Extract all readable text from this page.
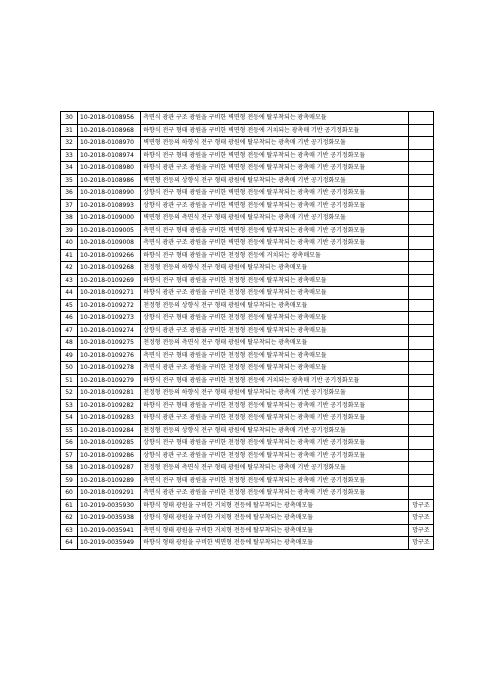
30	10-2018-0108956	측면식 광관 구조 광원을 구비한 벽면형 전등에 탈부착되는 광촉매모듈	
31	10-2018-0108968	하향식 전구 형태 광원을 구비한 벽면형 전등에 거치되는 광촉매 기반 공기정화모듈	
32	10-2018-0108970	벽면형 전등의 하향식 전구 형태 광원에 탈부착되는 광촉매 기반 공기정화모듈	
33	10-2018-0108974	하향식 전구 형태 광원을 구비한 벽면형 전등에 탈부착되는 광촉매 기반 공기정화모듈	
34	10-2018-0108980	하향식 광관 구조 광원을 구비한 벽면형 전등에 탈부착되는 광촉매 기반 공기정화모듈	
35	10-2018-0108986	벽면형 전등의 상향식 전구 형태 광원에 탈부착되는 광촉매 기반 공기정화모듈	
36	10-2018-0108990	상향식 전구 형태 광원을 구비한 벽면형 전등에 탈부착되는 광촉매 기반 공기정화모듈	
37	10-2018-0108993	상향식 광관 구조 광원을 구비한 벽면형 전등에 탈부착되는 광촉매 기반 공기정화모듈	
38	10-2018-0109000	벽면형 전등의 측면식 전구 형태 광원에 탈부착되는 광촉매 기반 공기정화모듈	
39	10-2018-0109005	측면식 전구 형태 광원을 구비한 벽면형 전등에 탈부착되는 광촉매 기반 공기정화모듈	
40	10-2018-0109008	측면식 광관 구조 광원을 구비한 벽면형 전등에 탈부착되는 광촉매 기반 공기정화모듈	
41	10-2018-0109266	하향식 전구 형태 광원을 구비한 천정형 전등에 거치되는 광촉매모듈	
42	10-2018-0109268	천정형 전등의 하향식 전구 형태 광원에 탈부착되는 광촉매모듈	
43	10-2018-0109269	하향식 전구 형태 광원을 구비한 천정형 전등에 탈부착되는 광촉매모듈	
44	10-2018-0109271	하향식 광관 구조 광원을 구비한 천정형 전등에 탈부착되는 광촉매모듈	
45	10-2018-0109272	천정형 전등의 상향식 전구 형태 광원에 탈부착되는 광촉매모듈	
46	10-2018-0109273	상향식 전구 형태 광원을 구비한 천정형 전등에 탈부착되는 광촉매모듈	
47	10-2018-0109274	상향식 광관 구조 광원을 구비한 천정형 전등에 탈부착되는 광촉매모듈	
48	10-2018-0109275	천정형 전등의 측면식 전구 형태 광원에 탈부착되는 광촉매모듈	
49	10-2018-0109276	측면식 전구 형태 광원을 구비한 천정형 전등에 탈부착되는 광촉매모듈	
50	10-2018-0109278	측면식 광관 구조 광원을 구비한 천정형 전등에 탈부착되는 광촉매모듈	
51	10-2018-0109279	하향식 전구 형태 광원을 구비한 천정형 전등에 거치되는 광촉매 기반 공기정화모듈	
52	10-2018-0109281	천정형 전등의 하향식 전구 형태 광원에 탈부착되는 광촉매 기반 공기정화모듈	
53	10-2018-0109282	하향식 전구 형태 광원을 구비한 천정형 전등에 탈부착되는 광촉매 기반 공기정화모듈	
54	10-2018-0109283	하향식 광관 구조 광원을 구비한 천정형 전등에 탈부착되는 광촉매 기반 공기정화모듈	
55	10-2018-0109284	천정형 전등의 상향식 전구 형태 광원에 탈부착되는 광촉매 기반 공기정화모듈	
56	10-2018-0109285	상향식 전구 형태 광원을 구비한 천정형 전등에 탈부착되는 광촉매 기반 공기정화모듈	
57	10-2018-0109286	상향식 광관 구조 광원을 구비한 천정형 전등에 탈부착되는 광촉매 기반 공기정화모듈	
58	10-2018-0109287	천정형 전등의 측면식 전구 형태 광원에 탈부착되는 광촉매 기반 공기정화모듈	
59	10-2018-0109289	측면식 전구 형태 광원을 구비한 천정형 전등에 탈부착되는 광촉매 기반 공기정화모듈	
60	10-2018-0109291	측면식 광관 구조 광원을 구비한 천정형 전등에 탈부착되는 광촉매 기반 공기정화모듈	
61	10-2019-0035930	하향식 형태 광원을 구비한 거치형 전등에 탈부착되는 광촉매모듈	망구조
62	10-2019-0035938	상향식 형태 광원을 구비한 거치형 전등에 탈부착되는 광촉매모듈	망구조
63	10-2019-0035941	측면식 형태 광원을 구비한 거치형 전등에 탈부착되는 광촉매모듈	망구조
64	10-2019-0035949	하향식 형태 광원을 구비한 벽면형 전등에 탈부착되는 광촉매모듈	망구조
